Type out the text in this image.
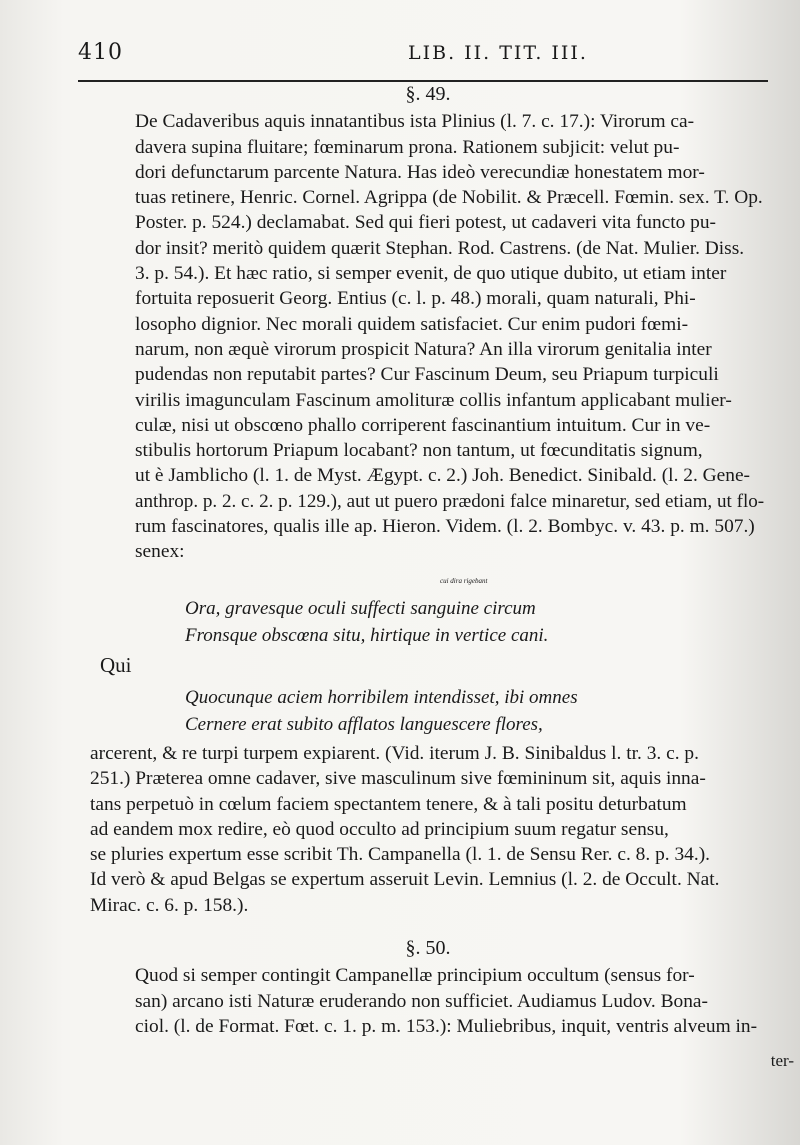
410	LIB. II. TIT. III.
§. 49.
De Cadaveribus aquis innatantibus ista Plinius (l. 7. c. 17.): Virorum ca-
davera supina fluitare; fœminarum prona. Rationem subjicit: velut pu-
dori defunctarum parcente Natura. Has ideò verecundiæ honestatem mor-
tuas retinere, Henric. Cornel. Agrippa (de Nobilit. & Præcell. Fœmin. sex. T. Op.
Poster. p. 524.) declamabat. Sed qui fieri potest, ut cadaveri vita functo pu-
dor insit? meritò quidem quærit Stephan. Rod. Castrens. (de Nat. Mulier. Diss.
3. p. 54.). Et hæc ratio, si semper evenit, de quo utique dubito, ut etiam inter
fortuita reposuerit Georg. Entius (c. l. p. 48.) morali, quam naturali, Phi-
losopho dignior. Nec morali quidem satisfaciet. Cur enim pudori fœmi-
narum, non æquè virorum prospicit Natura? An illa virorum genitalia inter
pudendas non reputabit partes? Cur Fascinum Deum, seu Priapum turpiculi
virilis imagunculam Fascinum amolituræ collis infantum applicabant mulier-
culæ, nisi ut obscœno phallo corriperent fascinantium intuitum. Cur in ve-
stibulis hortorum Priapum locabant? non tantum, ut fœcunditatis signum,
ut è Jamblicho (l. 1. de Myst. Ægypt. c. 2.) Joh. Benedict. Sinibald. (l. 2. Gene-
anthrop. p. 2. c. 2. p. 129.), aut ut puero prædoni falce minaretur, sed etiam, ut flo-
rum fascinatores, qualis ille ap. Hieron. Videm. (l. 2. Bombyc. v. 43. p. m. 507.)
senex:
cui dira rigebant
Ora, gravesque oculi suffecti sanguine circum
Fronsque obscœna situ, hirtique in vertice cani.
Qui
Quocunque aciem horribilem intendisset, ibi omnes
Cernere erat subito afflatos languescere flores,
arcerent, & re turpi turpem expiarent. (Vid. iterum J. B. Sinibaldus l. tr. 3. c. p.
251.) Præterea omne cadaver, sive masculinum sive fœmininum sit, aquis inna-
tans perpetuò in cœlum faciem spectantem tenere, & à tali positu deturbatum
ad eandem mox redire, eò quod occulto ad principium suum regatur sensu,
se pluries expertum esse scribit Th. Campanella (l. 1. de Sensu Rer. c. 8. p. 34.).
Id verò & apud Belgas se expertum asseruit Levin. Lemnius (l. 2. de Occult. Nat.
Mirac. c. 6. p. 158.).
§. 50.
Quod si semper contingit Campanellæ principium occultum (sensus for-
san) arcano isti Naturæ eruderando non sufficiet. Audiamus Ludov. Bona-
ciol. (l. de Format. Fœt. c. 1. p. m. 153.): Muliebribus, inquit, ventris alveum in-
ter-
